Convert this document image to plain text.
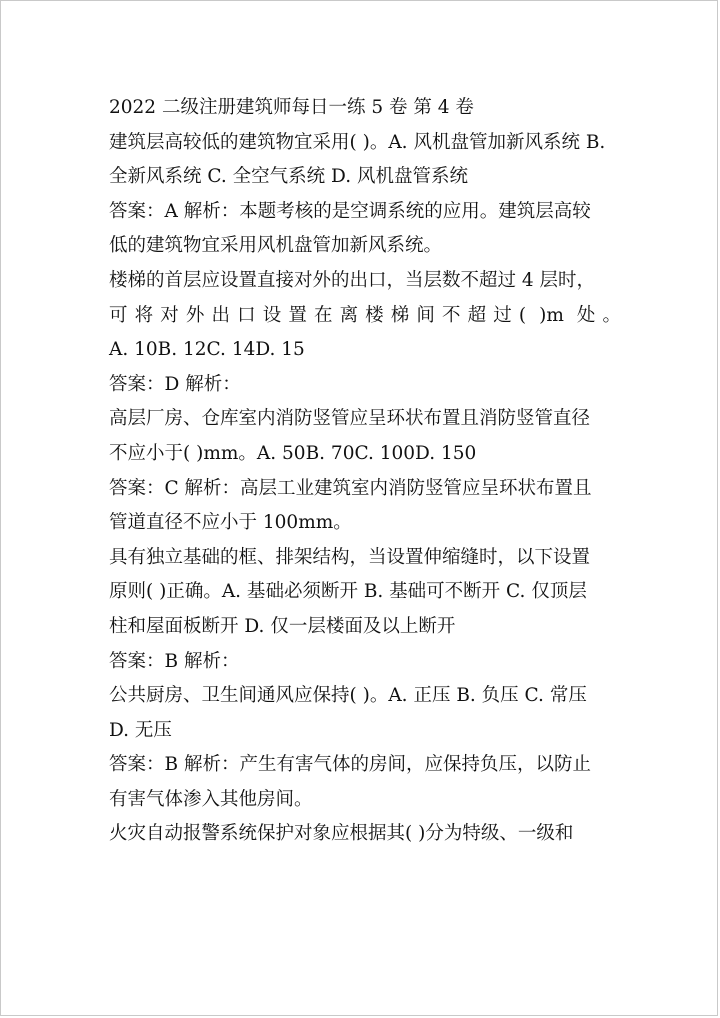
2022 二级注册建筑师每日一练 5 卷 第 4 卷
建筑层高较低的建筑物宜采用( )。A. 风机盘管加新风系统 B.
全新风系统 C. 全空气系统 D. 风机盘管系统
答案：A 解析：本题考核的是空调系统的应用。建筑层高较
低的建筑物宜采用风机盘管加新风系统。
楼梯的首层应设置直接对外的出口，当层数不超过 4 层时，
可将对外出口设置在离楼梯间不超过( )m 处。
A. 10B. 12C. 14D. 15
答案：D 解析：
高层厂房、仓库室内消防竖管应呈环状布置且消防竖管直径
不应小于( )mm。A. 50B. 70C. 100D. 150
答案：C 解析：高层工业建筑室内消防竖管应呈环状布置且
管道直径不应小于 100mm。
具有独立基础的框、排架结构，当设置伸缩缝时，以下设置
原则( )正确。A. 基础必须断开 B. 基础可不断开 C. 仅顶层
柱和屋面板断开 D. 仅一层楼面及以上断开
答案：B 解析：
公共厨房、卫生间通风应保持( )。A. 正压 B. 负压 C. 常压
D. 无压
答案：B 解析：产生有害气体的房间，应保持负压，以防止
有害气体渗入其他房间。
火灾自动报警系统保护对象应根据其( )分为特级、一级和
